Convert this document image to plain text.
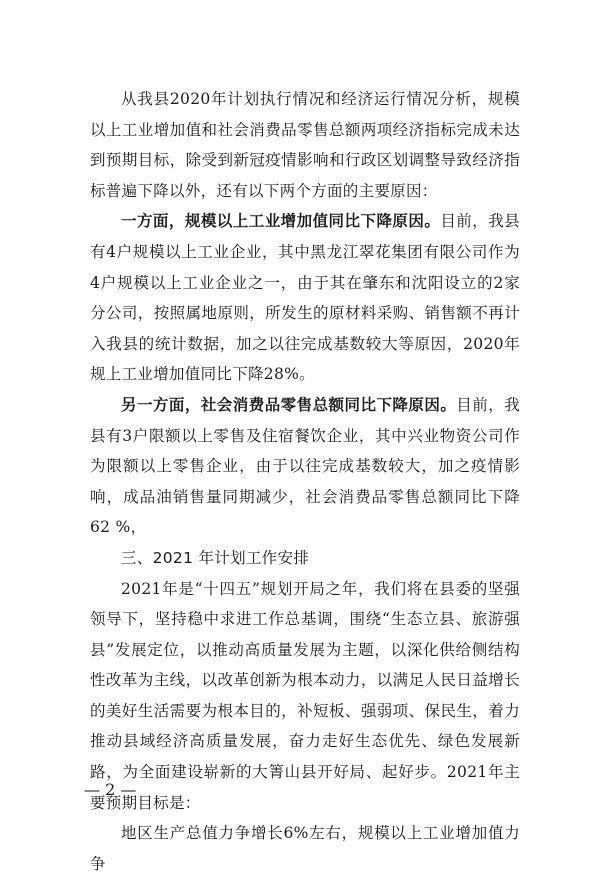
从我县2020年计划执行情况和经济运行情况分析，规模以上工业增加值和社会消费品零售总额两项经济指标完成未达到预期目标，除受到新冠疫情影响和行政区划调整导致经济指标普遍下降以外，还有以下两个方面的主要原因：

一方面，规模以上工业增加值同比下降原因。目前，我县有4户规模以上工业企业，其中黑龙江翠花集团有限公司作为4户规模以上工业企业之一，由于其在肇东和沈阳设立的2家分公司，按照属地原则，所发生的原材料采购、销售额不再计入我县的统计数据，加之以往完成基数较大等原因，2020年规上工业增加值同比下降28%。

另一方面，社会消费品零售总额同比下降原因。目前，我县有3户限额以上零售及住宿餐饮企业，其中兴业物资公司作为限额以上零售企业，由于以往完成基数较大，加之疫情影响，成品油销售量同期减少，社会消费品零售总额同比下降62 %，

三、2021 年计划工作安排

2021年是“十四五”规划开局之年，我们将在县委的坚强领导下，坚持稳中求进工作总基调，围绕“生态立县、旅游强县”发展定位，以推动高质量发展为主题，以深化供给侧结构性改革为主线，以改革创新为根本动力，以满足人民日益增长的美好生活需要为根本目的，补短板、强弱项、保民生，着力推动县域经济高质量发展，奋力走好生态优先、绿色发展新路，为全面建设崭新的大箐山县开好局、起好步。2021年主要预期目标是：

地区生产总值力争增长6%左右，规模以上工业增加值力争

— 2 —
